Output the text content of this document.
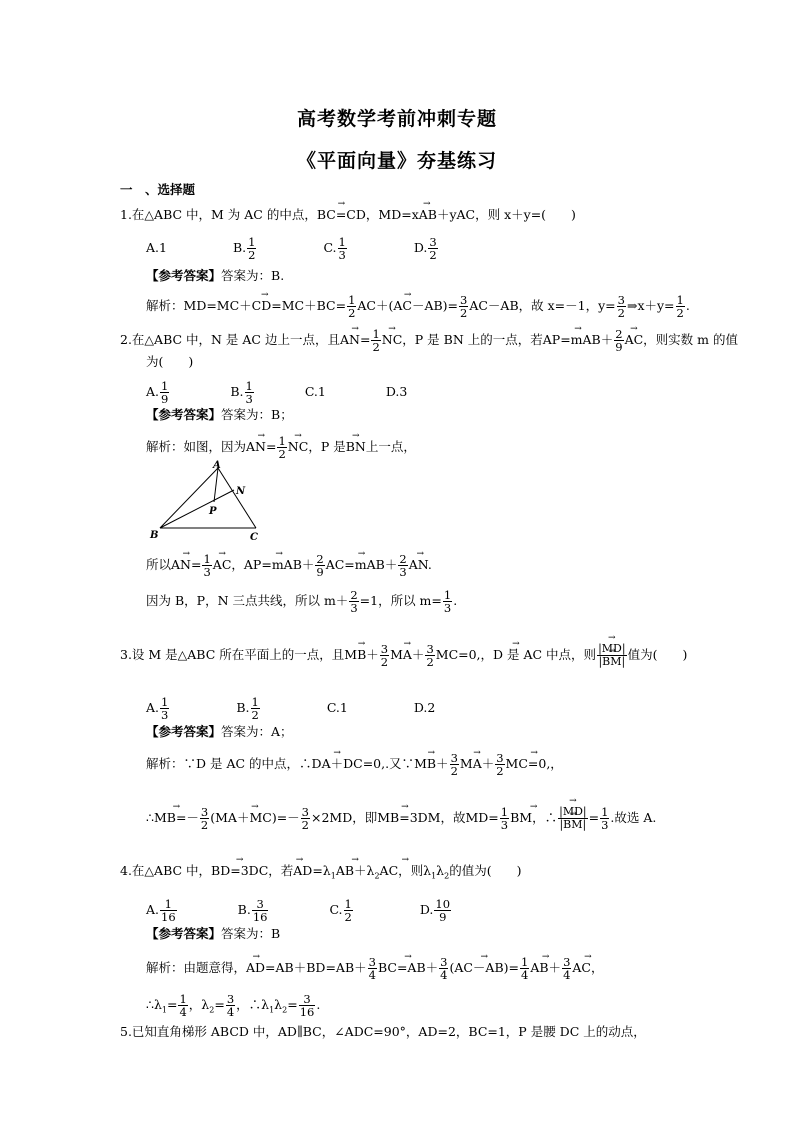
高考数学考前冲刺专题
《平面向量》夯基练习
一　、选择题
1.在△ABC 中，M 为 AC 的中点，→ BC=CD，→ MD=xAB＋yAC，则 x＋y=(　　)
A.1	B. $\frac{1}{2}$	C. $\frac{1}{3}$	D. $\frac{3}{2}$
【参考答案】答案为：B.
解析：→ $MD=MC+CD=MC+BC= \frac{1}{2}$
→ $AC+(AC-AB)= \frac{3}{2} AC-AB$，故 x=－1，$y= \frac{3}{2}$ ⇒x＋y= $\frac{1}{2}$ .
2.在△ABC 中，N 是 AC 边上一点，且→ $AN= \frac{1}{2}$
→ NC，P 是 BN 上的一点，若→ $AP=mAB+ \frac{2}{9}$
→ AC，则实数 m 的值
为(　　)
A. $\frac{1}{9}$	B. $\frac{1}{3}$	C.1	D.3
【参考答案】答案为：B；
解析：如图，因为→ $AN= \frac{1}{2}$
→ NC，P 是→ BN上一点，
A
B	C
N
P
所以→ $AN= \frac{1}{3}$
→ AC，→ $AP=mAB+ \frac{2}{9}$
→ $AC=mAB+ \frac{2}{3}$
→ AN.
因为 B，P，N 三点共线，所以 $m+ \frac{2}{3} =1$，所以 $m= \frac{1}{3}$ .
3.设 M 是△ABC 所在平面上的一点，且→ $MB+ \frac{3}{2}$
→ $MA+ \frac{3}{2}$
→ MC=0,，D 是 AC 中点，则
→ |MD|
→ |BM| 值为(　　)
A. $\frac{1}{3}$	B. $\frac{1}{2}$	C.1	D.2
【参考答案】答案为：A；
解析：∵D 是 AC 的中点，∴→ DA＋DC=0,.又∵→ $MB+ \frac{3}{2}$
→ $MA+ \frac{3}{2}$
→ MC=0,，
∴→ $MB=- \frac{3}{2}$
→ $(MA+MC)=- \frac{3}{2}$
→ ×2MD，即MB=3DM，故$MD= \frac{1}{3}$
→ BM，∴
→ |MD|
→ $|BM| = \frac{1}{3}$ .故选 A.
4.在△ABC 中，→ BD=3DC→ ，若$AD=\lambda_1\to AB+\lambda_2\to$ AC，则$\lambda_1\lambda_2$的值为(　　)
A. $\frac{1}{16}$	B. $\frac{3}{16}$	C. $\frac{1}{2}$	D. $\frac{10}{9}$
【参考答案】答案为：B
→ 解析：由题意得，$AD=AB+BD=AB+ \frac{3}{4}$
→ $BC=AB+ \frac{3}{4}$
→ $(AC-AB)= \frac{1}{4}$
→ $AB+ \frac{3}{4}$
→ AC，
$\therefore\lambda_1= \frac{1}{4}$ ，$\lambda_2= \frac{3}{4}$ ，$\therefore\lambda_1\lambda_2= \frac{3}{16}$ .
5.已知直角梯形 ABCD 中，AD∥BC，∠ADC=90°，AD=2，BC=1，P 是腰 DC 上的动点，
